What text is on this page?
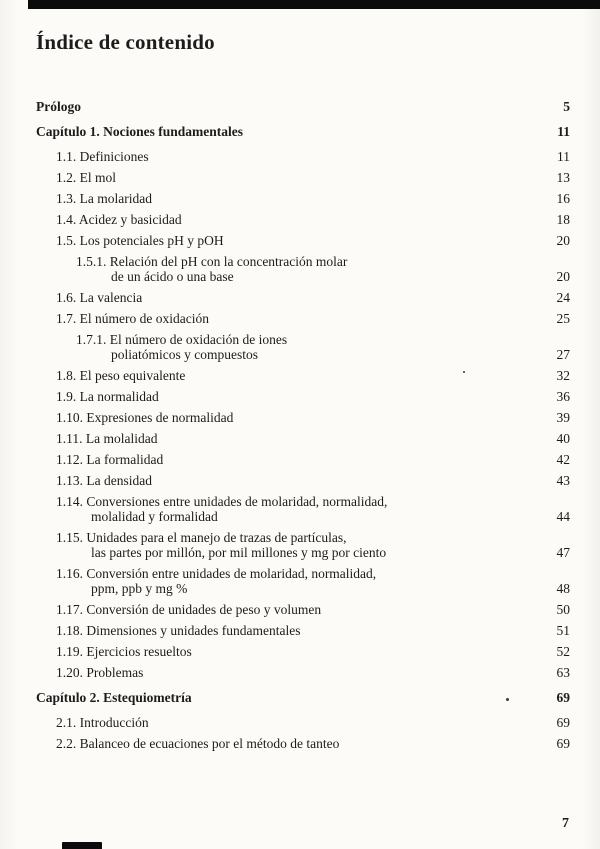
Índice de contenido
Prólogo	5
Capítulo 1. Nociones fundamentales	11
1.1. Definiciones	11
1.2. El mol	13
1.3. La molaridad	16
1.4. Acidez y basicidad	18
1.5. Los potenciales pH y pOH	20
1.5.1. Relación del pH con la concentración molar
de un ácido o una base	20
1.6. La valencia	24
1.7. El número de oxidación	25
1.7.1. El número de oxidación de iones
poliatómicos y compuestos	27
1.8. El peso equivalente	32
1.9. La normalidad	36
1.10. Expresiones de normalidad	39
1.11. La molalidad	40
1.12. La formalidad	42
1.13. La densidad	43
1.14. Conversiones entre unidades de molaridad, normalidad,
molalidad y formalidad	44
1.15. Unidades para el manejo de trazas de partículas,
las partes por millón, por mil millones y mg por ciento	47
1.16. Conversión entre unidades de molaridad, normalidad,
ppm, ppb y mg %	48
1.17. Conversión de unidades de peso y volumen	50
1.18. Dimensiones y unidades fundamentales	51
1.19. Ejercicios resueltos	52
1.20. Problemas	63
Capítulo 2. Estequiometría	69
2.1. Introducción	69
2.2. Balanceo de ecuaciones por el método de tanteo	69
7
